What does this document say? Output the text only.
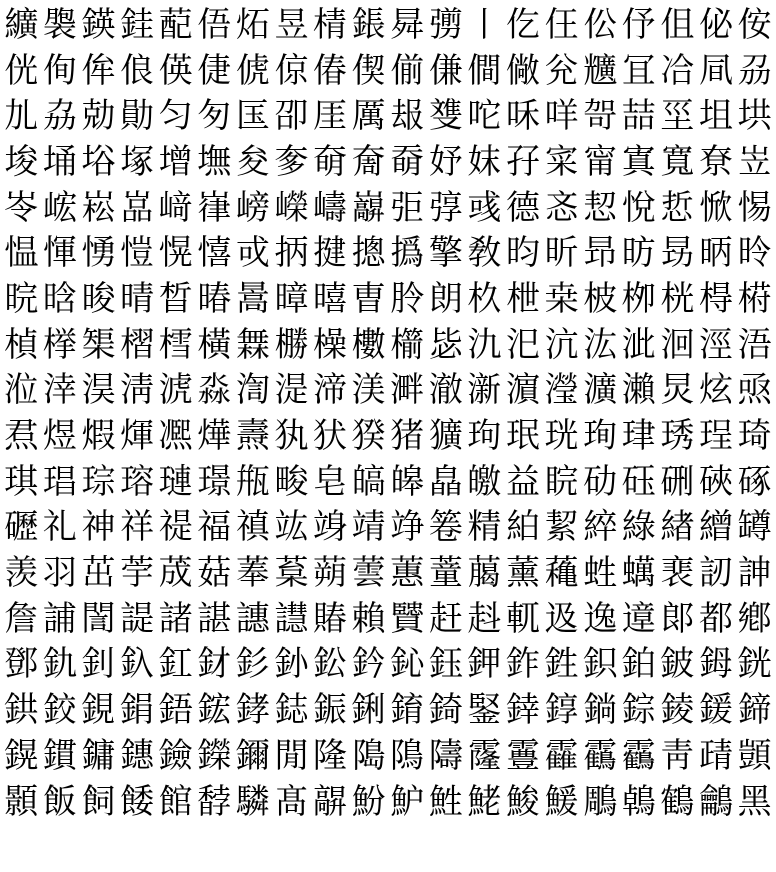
纊 褜 鍈 銈 蓜 俉 炻 昱 棈 鋹 曻 彅 丨 仡 仼 伀 伃 伹 佖 侒
侊 侚 侔 俍 偀 倢 俿 倞 偆 偰 偂 傔 僴 僘 兊 兤 冝 冾 凬 刕
劜 劦 勀 勛 匀 匇 匤 卲 厓 厲 叝 﨎 咜 咊 咩 哿 喆 坙 坥 垬
埈 埇 﨏 塚 增 墲 夋 奓 奛 奝 奣 妤 妺 孖 寀 甯 寘 寬 尞 岦
岺 峵 崧 嵓 﨑 嵂 嵭 嶸 嶹 巐 弡 弴 彧 德 忞 恝 悅 悊 惞 惕
愠 惲 愑 愷 愰 憘 戓 抦 揵 摠 撝 擎 敎 昀 昕 昻 昉 昮 昞 昤
晥 晗 晙 晴 晳 暙 暠 暲 暿 曺 朎 朗 杦 枻 桒 柀 栁 桄 棏 﨓
楨 﨔 榘 槢 樰 橫 橆 橳 橾 櫢 櫤 毖 氿 汜 沆 汯 泚 洄 涇 浯
涖 涬 淏 淸 淲 淼 渹 湜 渧 渼 溿 澈 澵 濵 瀅 瀇 瀨 炅 炫 焏
焄 煜 煆 煇 凞 燁 燾 犱 犾 猤 猪 獷 玽 珉 珖 珣 珒 琇 珵 琦
琪 琩 琮 瑢 璉 璟 甁 畯 皂 皜 皞 皛 皦 益 睆 劯 砡 硎 硤 硺
礰 礼 神 祥 禔 福 禛 竑 竧 靖 竫 箞 精 絈 絜 綷 綠 緖 繒 罇
羡 羽 茁 荢 荿 菇 菶 葈 蒴 蕓 蕙 蕫 﨟 薰 蘒 﨡 蠇 裵 訒 訷
詹 誧 誾 諟 諸 諶 譓 譿 賰 賴 贒 赶 﨣 軏 﨤 逸 遧 郞 都 鄕
鄧 釚 釗 釞 釭 釮 釤 釥 鈆 鈐 鈊 鈺 鉀 鈼 鉎 鉙 鉑 鈹 鉧 銧
鉷 鉸 鋧 鋗 鋙 鋐 﨧 鋕 鋠 鋓 錥 錡 鋻 﨨 錞 鋿 錝 錂 鍰 鍗
鎤 鏆 鏞 鏸 鐱 鑅 鑈 閒 隆 﨩 隝 隯 霳 霻 靃 靍 靏 靑 靕 顗
顥 飯 飼 餧 館 馞 驎 髙 髜 魵 魲 鮏 鮱 鮻 鰀 鵰 鵫 鶴 鸙 黑
